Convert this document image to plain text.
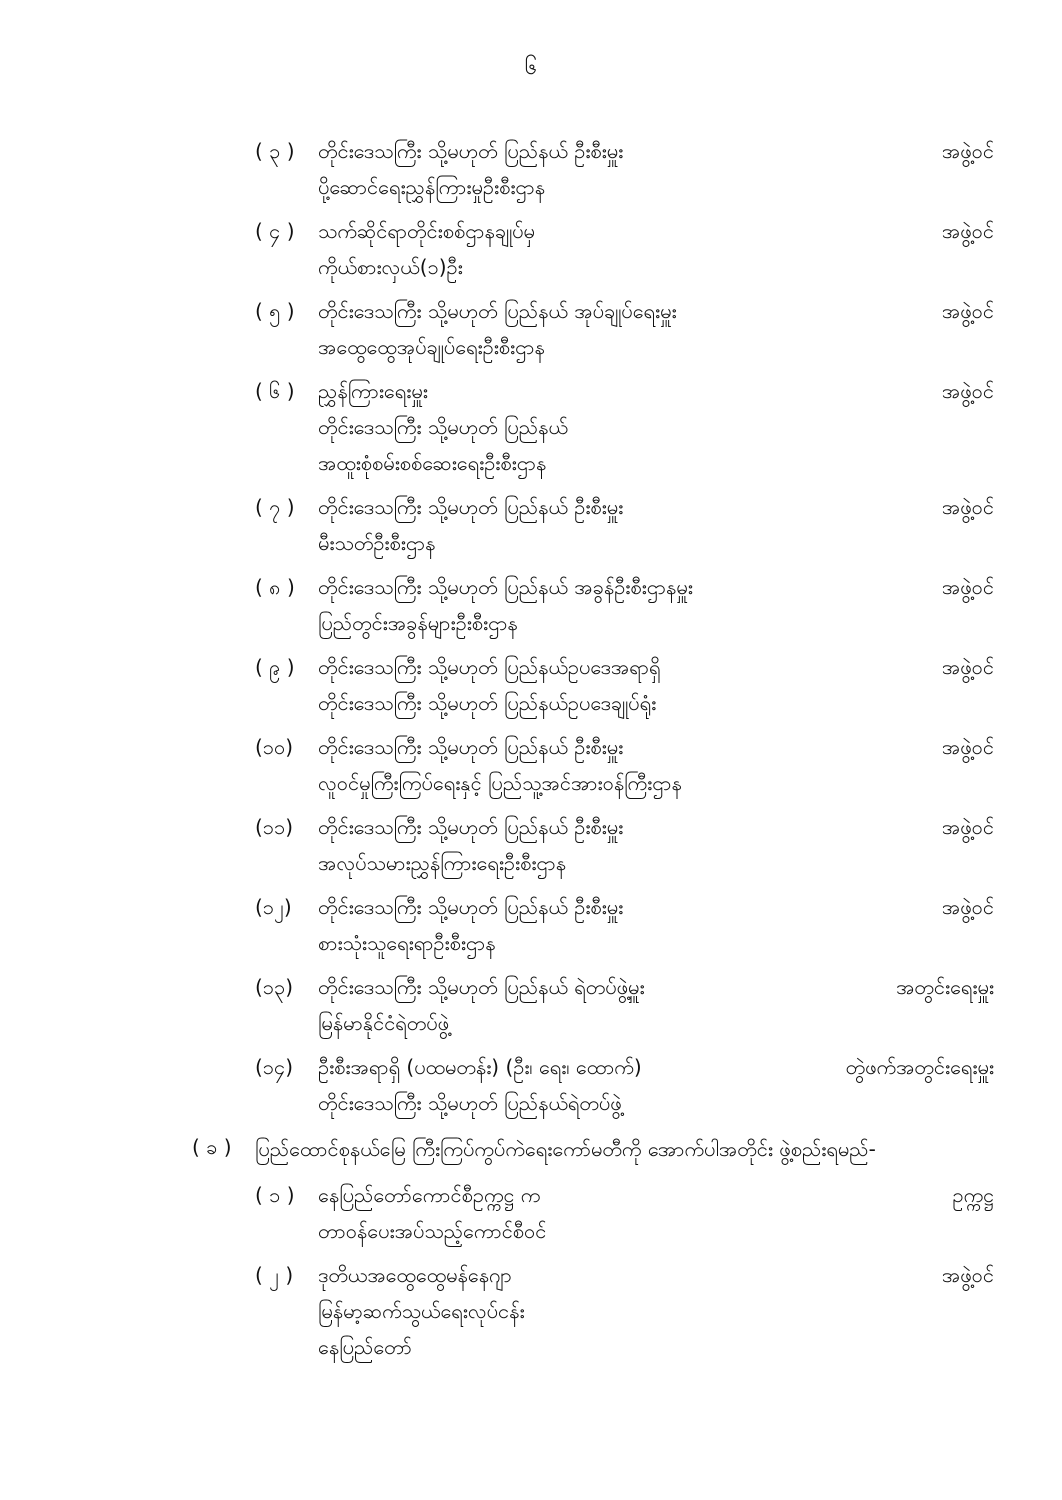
၆
( ၃ )	တိုင်းဒေသကြီး သို့မဟုတ် ပြည်နယ် ဦးစီးမှူး
ပို့ဆောင်ရေးညွှန်ကြားမှုဦးစီးဌာန
အဖွဲ့ဝင်
( ၄ )	သက်ဆိုင်ရာတိုင်းစစ်ဌာနချုပ်မှ
ကိုယ်စားလှယ်(၁)ဦး
အဖွဲ့ဝင်
( ၅ )	တိုင်းဒေသကြီး သို့မဟုတ် ပြည်နယ် အုပ်ချုပ်ရေးမှူး
အထွေထွေအုပ်ချုပ်ရေးဦးစီးဌာန
အဖွဲ့ဝင်
( ၆ )	ညွှန်ကြားရေးမှူး
တိုင်းဒေသကြီး သို့မဟုတ် ပြည်နယ်
အထူးစုံစမ်းစစ်ဆေးရေးဦးစီးဌာန
အဖွဲ့ဝင်
( ၇ )	တိုင်းဒေသကြီး သို့မဟုတ် ပြည်နယ် ဦးစီးမှူး
မီးသတ်ဦးစီးဌာန
အဖွဲ့ဝင်
( ၈ )	တိုင်းဒေသကြီး သို့မဟုတ် ပြည်နယ် အခွန်ဦးစီးဌာနမှူး
ပြည်တွင်းအခွန်များဦးစီးဌာန
အဖွဲ့ဝင်
( ၉ )	တိုင်းဒေသကြီး သို့မဟုတ် ပြည်နယ်ဥပဒေအရာရှိ
တိုင်းဒေသကြီး သို့မဟုတ် ပြည်နယ်ဥပဒေချုပ်ရုံး
အဖွဲ့ဝင်
(၁၀)	တိုင်းဒေသကြီး သို့မဟုတ် ပြည်နယ် ဦးစီးမှူး
လူဝင်မှုကြီးကြပ်ရေးနှင့် ပြည်သူ့အင်အားဝန်ကြီးဌာန
အဖွဲ့ဝင်
(၁၁)	တိုင်းဒေသကြီး သို့မဟုတ် ပြည်နယ် ဦးစီးမှူး
အလုပ်သမားညွှန်ကြားရေးဦးစီးဌာန
အဖွဲ့ဝင်
(၁၂)	တိုင်းဒေသကြီး သို့မဟုတ် ပြည်နယ် ဦးစီးမှူး
စားသုံးသူရေးရာဦးစီးဌာန
အဖွဲ့ဝင်
(၁၃)	တိုင်းဒေသကြီး သို့မဟုတ် ပြည်နယ် ရဲတပ်ဖွဲ့မှူး
မြန်မာနိုင်ငံရဲတပ်ဖွဲ့
အတွင်းရေးမှူး
(၁၄)	ဦးစီးအရာရှိ (ပထမတန်း) (ဦး၊ ရေး၊ ထောက်)
တိုင်းဒေသကြီး သို့မဟုတ် ပြည်နယ်ရဲတပ်ဖွဲ့
တွဲဖက်အတွင်းရေးမှူး
( ခ ) ပြည်ထောင်စုနယ်မြေ ကြီးကြပ်ကွပ်ကဲရေးကော်မတီကို အောက်ပါအတိုင်း ဖွဲ့စည်းရမည်-
( ၁ )	နေပြည်တော်ကောင်စီဥက္ကဋ္ဌ က
တာဝန်ပေးအပ်သည့်ကောင်စီဝင်
ဥက္ကဋ္ဌ
( ၂ )	ဒုတိယအထွေထွေမန်နေဂျာ
မြန်မာ့ဆက်သွယ်ရေးလုပ်ငန်း
နေပြည်တော်
အဖွဲ့ဝင်
